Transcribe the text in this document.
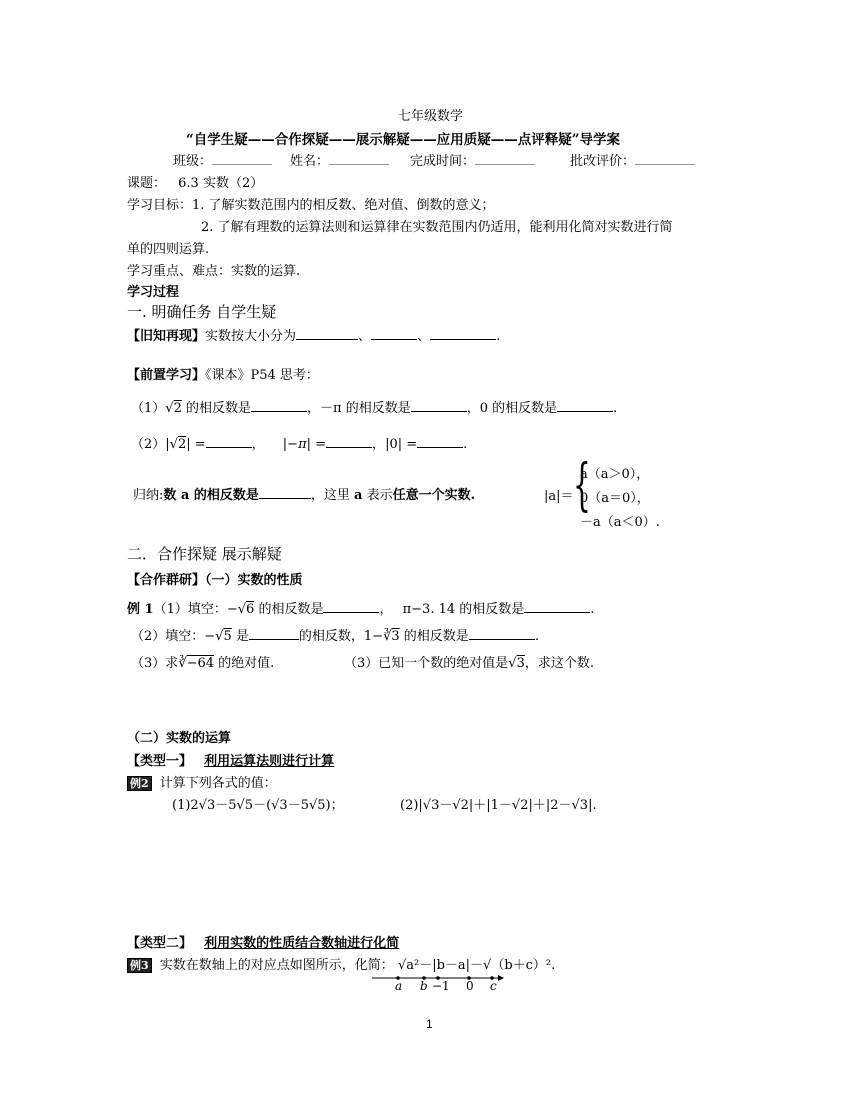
七年级数学
“自学生疑——合作探疑——展示解疑——应用质疑——点评释疑”导学案
班级：	姓名：	完成时间：	批改评价：
课题： 6.3 实数（2）
学习目标：1. 了解实数范围内的相反数、绝对值、倒数的意义；
2. 了解有理数的运算法则和运算律在实数范围内仍适用，能利用化简对实数进行简
单的四则运算.
学习重点、难点：实数的运算.
学习过程
一. 明确任务 自学生疑
【旧知再现】实数按大小分为	、	、	.
【前置学习】《课本》P54 思考：
（1）√2 的相反数是	，－π 的相反数是	，0 的相反数是	.
（2）|√2| =	， |−π| =	，|0| =	.
归纳:数 a 的相反数是	，这里 a 表示任意一个实数.	|a|＝ {
a（a＞0），
0（a＝0），
－a（a＜0）.
二．合作探疑 展示解疑
【合作群研】（一）实数的性质
例 1（1）填空：−√6 的相反数是	， π−3. 14 的相反数是	.
（2）填空：−√5 是	的相反数，1−∛3 的相反数是	.
（3）求∛−64 的绝对值.	（3）已知一个数的绝对值是√3，求这个数.
（二）实数的运算
【类型一】 利用运算法则进行计算
例2 计算下列各式的值：
(1)2√3－5√5－(√3－5√5)；	(2)|√3－√2|＋|1－√2|＋|2－√3|.
【类型二】 利用实数的性质结合数轴进行化简
例3 实数在数轴上的对应点如图所示，化简： √a²－|b－a|－√（b＋c）².
a b −1 0 c
1
